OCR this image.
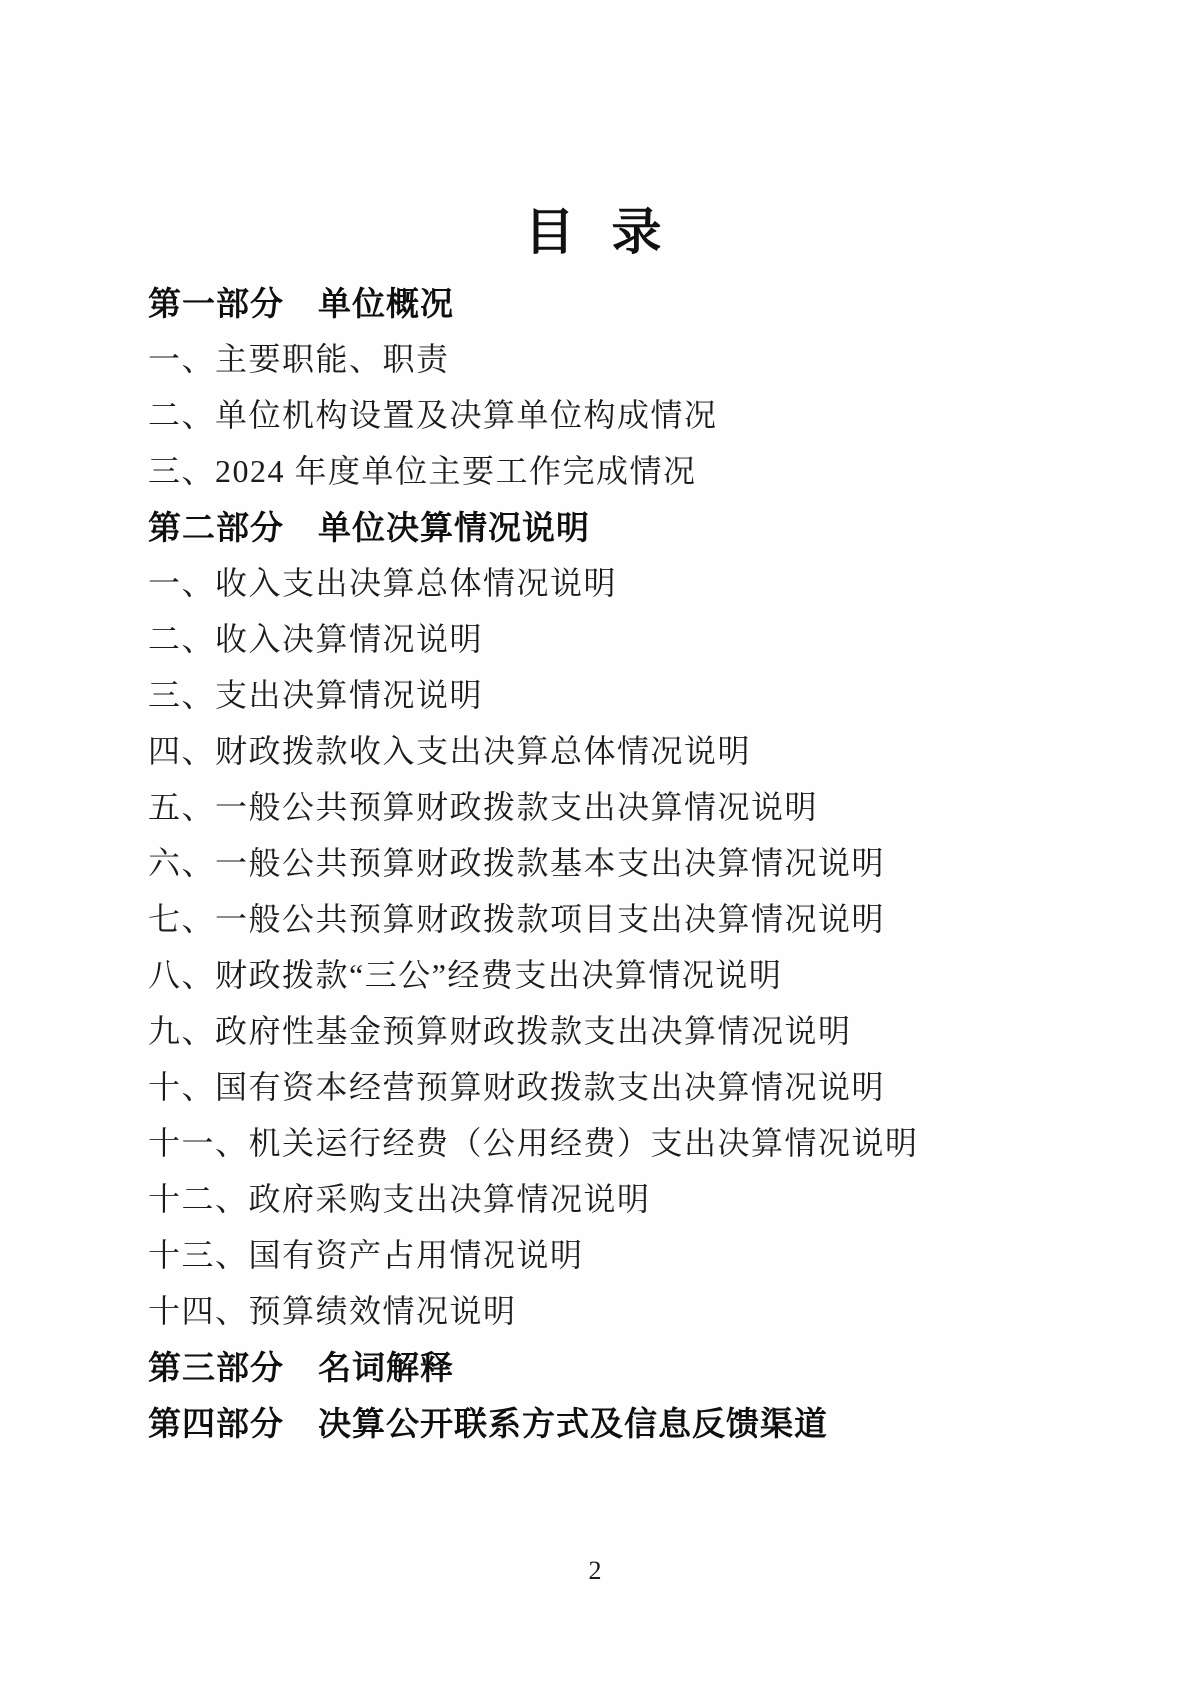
目  录
第一部分　单位概况
一、主要职能、职责
二、单位机构设置及决算单位构成情况
三、2024 年度单位主要工作完成情况
第二部分　单位决算情况说明
一、收入支出决算总体情况说明
二、收入决算情况说明
三、支出决算情况说明
四、财政拨款收入支出决算总体情况说明
五、一般公共预算财政拨款支出决算情况说明
六、一般公共预算财政拨款基本支出决算情况说明
七、一般公共预算财政拨款项目支出决算情况说明
八、财政拨款“三公”经费支出决算情况说明
九、政府性基金预算财政拨款支出决算情况说明
十、国有资本经营预算财政拨款支出决算情况说明
十一、机关运行经费（公用经费）支出决算情况说明
十二、政府采购支出决算情况说明
十三、国有资产占用情况说明
十四、预算绩效情况说明
第三部分　名词解释
第四部分　决算公开联系方式及信息反馈渠道
2
